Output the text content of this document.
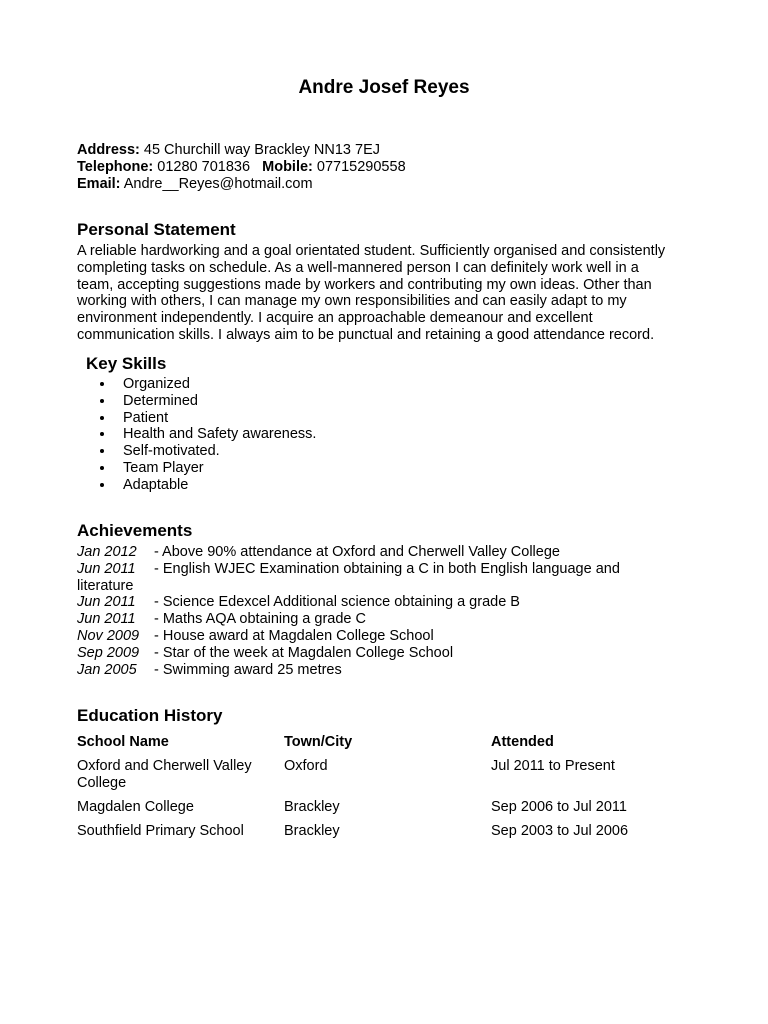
Andre Josef Reyes
Address: 45 Churchill way Brackley NN13 7EJ
Telephone: 01280 701836 Mobile: 07715290558
Email: Andre__Reyes@hotmail.com
Personal Statement
A reliable hardworking and a goal orientated student. Sufficiently organised and consistently
completing tasks on schedule. As a well-mannered person I can definitely work well in a
team, accepting suggestions made by workers and contributing my own ideas. Other than
working with others, I can manage my own responsibilities and can easily adapt to my
environment independently. I acquire an approachable demeanour and excellent
communication skills. I always aim to be punctual and retaining a good attendance record.
Key Skills
Organized
Determined
Patient
Health and Safety awareness.
Self-motivated.
Team Player
Adaptable
Achievements
Jan 2012 - Above 90% attendance at Oxford and Cherwell Valley College
Jun 2011 - English WJEC Examination obtaining a C in both English language and
literature
Jun 2011 - Science Edexcel Additional science obtaining a grade B
Jun 2011 - Maths AQA obtaining a grade C
Nov 2009 - House award at Magdalen College School
Sep 2009 - Star of the week at Magdalen College School
Jan 2005 - Swimming award 25 metres
Education History
School Name	Town/City	Attended

Oxford and Cherwell Valley
College	Oxford	Jul 2011 to Present

Magdalen College	Brackley	Sep 2006 to Jul 2011

Southfield Primary School	Brackley	Sep 2003 to Jul 2006
